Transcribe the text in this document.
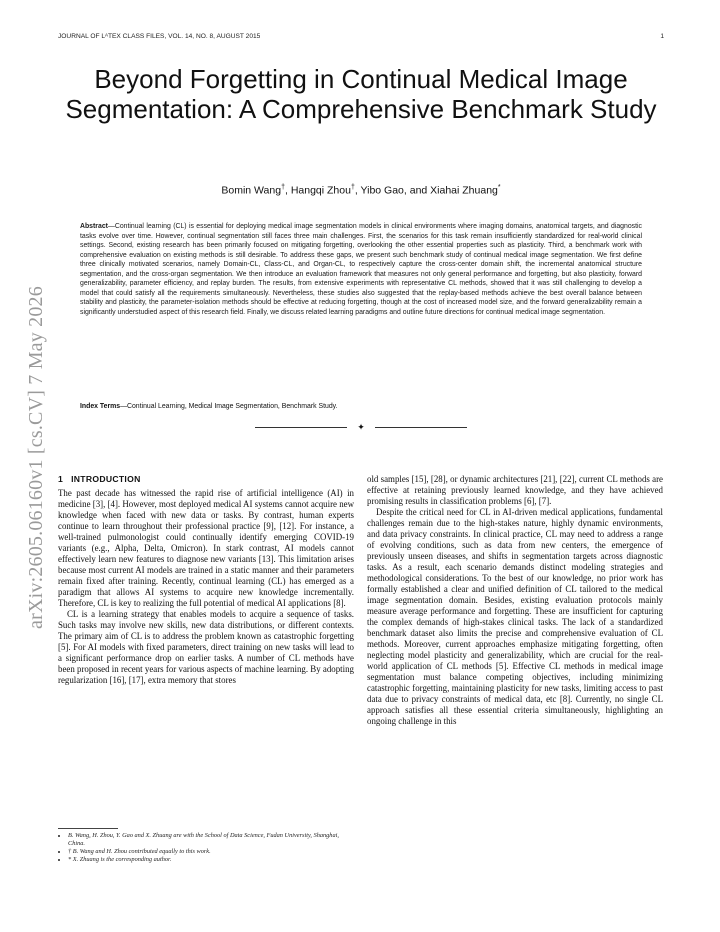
JOURNAL OF LᴬTEX CLASS FILES, VOL. 14, NO. 8, AUGUST 2015	1
arXiv:2605.06160v1 [cs.CV] 7 May 2026
Beyond Forgetting in Continual Medical Image Segmentation: A Comprehensive Benchmark Study
Bomin Wang†, Hangqi Zhou†, Yibo Gao, and Xiahai Zhuang*
Abstract—Continual learning (CL) is essential for deploying medical image segmentation models in clinical environments where imaging domains, anatomical targets, and diagnostic tasks evolve over time. However, continual segmentation still faces three main challenges. First, the scenarios for this task remain insufficiently standardized for real-world clinical settings. Second, existing research has been primarily focused on mitigating forgetting, overlooking the other essential properties such as plasticity. Third, a benchmark work with comprehensive evaluation on existing methods is still desirable. To address these gaps, we present such benchmark study of continual medical image segmentation. We first define three clinically motivated scenarios, namely Domain-CL, Class-CL, and Organ-CL, to respectively capture the cross-center domain shift, the incremental anatomical structure segmentation, and the cross-organ segmentation. We then introduce an evaluation framework that measures not only general performance and forgetting, but also plasticity, forward generalizability, parameter efficiency, and replay burden. The results, from extensive experiments with representative CL methods, showed that it was still challenging to develop a model that could satisfy all the requirements simultaneously. Nevertheless, these studies also suggested that the replay-based methods achieve the best overall balance between stability and plasticity, the parameter-isolation methods should be effective at reducing forgetting, though at the cost of increased model size, and the forward generalizability remain a significantly understudied aspect of this research field. Finally, we discuss related learning paradigms and outline future directions for continual medical image segmentation.
Index Terms—Continual Learning, Medical Image Segmentation, Benchmark Study.
✦
1 INTRODUCTION

The past decade has witnessed the rapid rise of artificial intelligence (AI) in medicine [3], [4]. However, most deployed medical AI systems cannot acquire new knowledge when faced with new data or tasks. By contrast, human experts continue to learn throughout their professional practice [9], [12]. For instance, a well-trained pulmonologist could continually identify emerging COVID-19 variants (e.g., Alpha, Delta, Omicron). In stark contrast, AI models cannot effectively learn new features to diagnose new variants [13]. This limitation arises because most current AI models are trained in a static manner and their parameters remain fixed after training. Recently, continual learning (CL) has emerged as a paradigm that allows AI systems to acquire new knowledge incrementally. Therefore, CL is key to realizing the full potential of medical AI applications [8].

CL is a learning strategy that enables models to acquire a sequence of tasks. Such tasks may involve new skills, new data distributions, or different contexts. The primary aim of CL is to address the problem known as catastrophic forgetting [5]. For AI models with fixed parameters, direct training on new tasks will lead to a significant performance drop on earlier tasks. A number of CL methods have been proposed in recent years for various aspects of machine learning. By adopting regularization [16], [17], extra memory that stores

old samples [15], [28], or dynamic architectures [21], [22], current CL methods are effective at retaining previously learned knowledge, and they have achieved promising results in classification problems [6], [7].

Despite the critical need for CL in AI-driven medical applications, fundamental challenges remain due to the high-stakes nature, highly dynamic environments, and data privacy constraints. In clinical practice, CL may need to address a range of evolving conditions, such as data from new centers, the emergence of previously unseen diseases, and shifts in segmentation targets across diagnostic tasks. As a result, each scenario demands distinct modeling strategies and methodological considerations. To the best of our knowledge, no prior work has formally established a clear and unified definition of CL tailored to the medical image segmentation domain. Besides, existing evaluation protocols mainly measure average performance and forgetting. These are insufficient for capturing the complex demands of high-stakes clinical tasks. The lack of a standardized benchmark dataset also limits the precise and comprehensive evaluation of CL methods. Moreover, current approaches emphasize mitigating forgetting, often neglecting model plasticity and generalizability, which are crucial for the real-world application of CL methods [5]. Effective CL methods in medical image segmentation must balance competing objectives, including minimizing catastrophic forgetting, maintaining plasticity for new tasks, limiting access to past data due to privacy constraints of medical data, etc [8]. Currently, no single CL approach satisfies all these essential criteria simultaneously, highlighting an ongoing challenge in this

• B. Wang, H. Zhou, Y. Gao and X. Zhuang are with the School of Data Science, Fudan University, Shanghai, China.
• † B. Wang and H. Zhou contributed equally to this work.
• * X. Zhuang is the corresponding author.
